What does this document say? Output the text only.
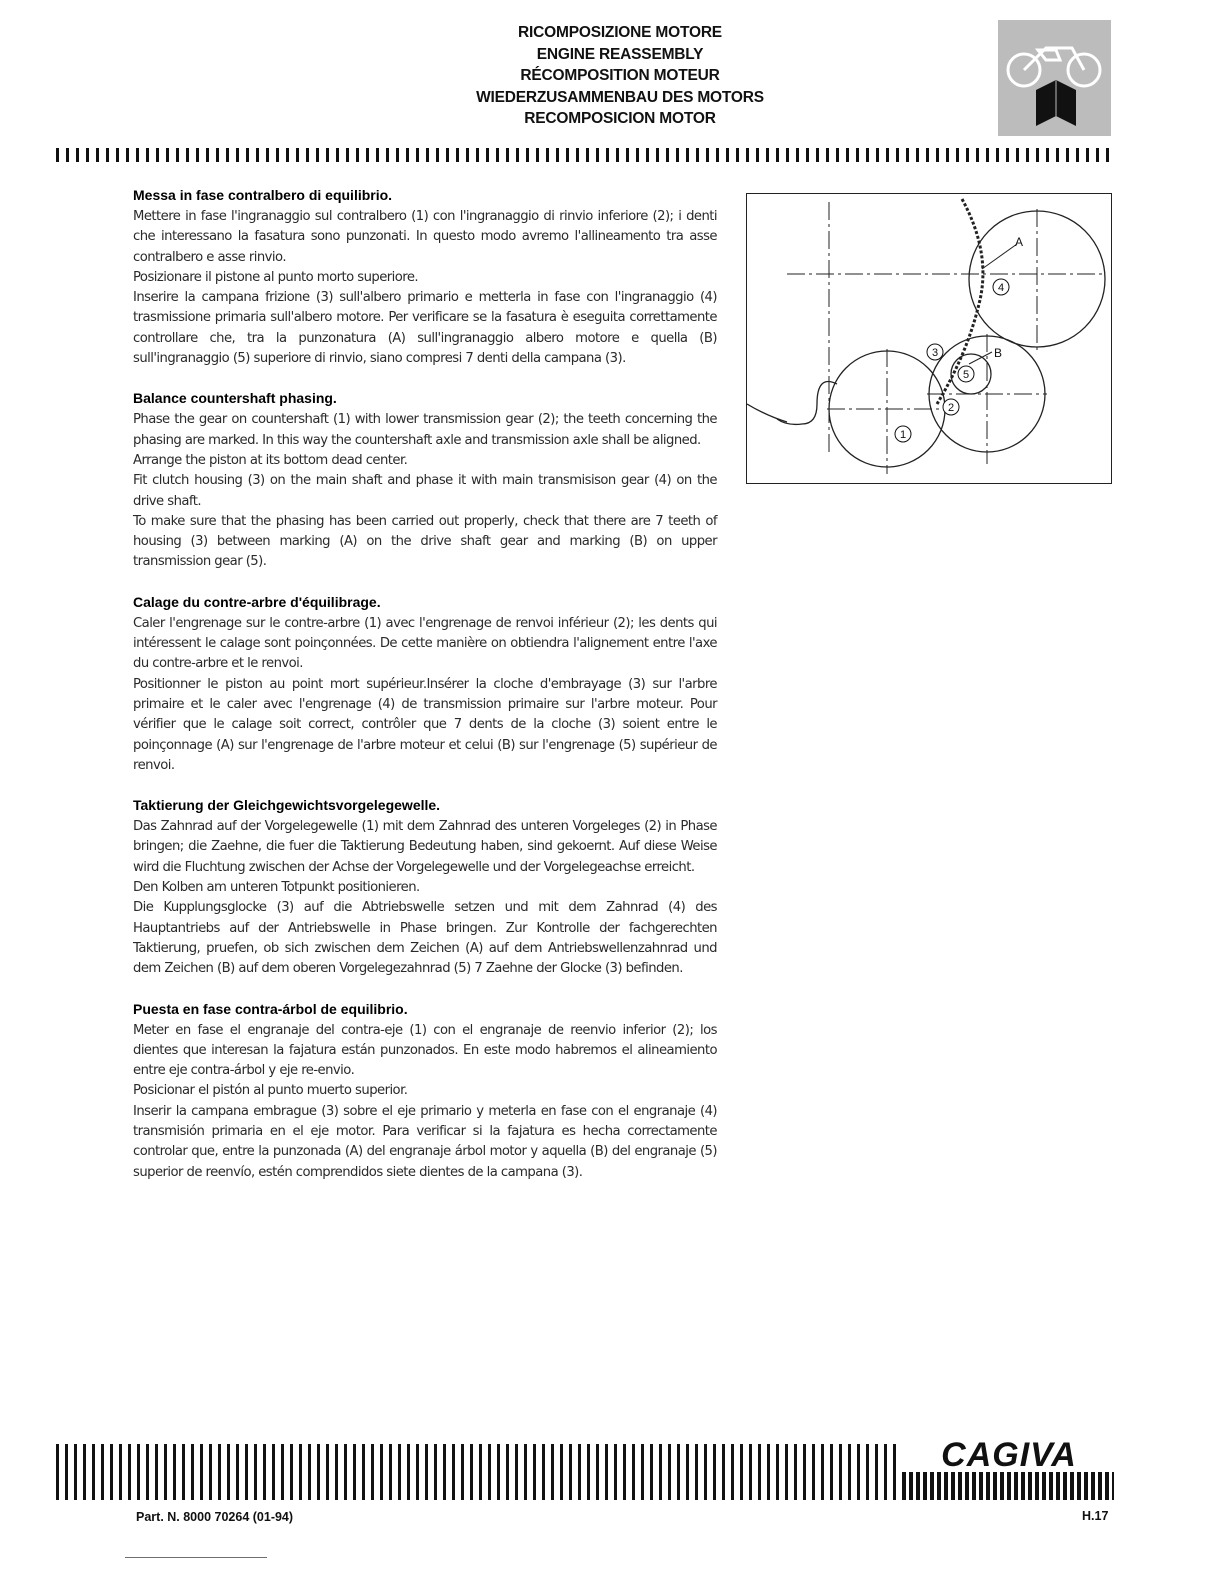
RICOMPOSIZIONE MOTORE
ENGINE REASSEMBLY
RÉCOMPOSITION MOTEUR
WIEDERZUSAMMENBAU DES MOTORS
RECOMPOSICION MOTOR
Messa in fase contralbero di equilibrio.

Mettere in fase l'ingranaggio sul contralbero (1) con l'ingranaggio di rinvio inferiore (2); i denti che interessano la fasatura sono punzonati. In questo modo avremo l'allineamento tra asse contralbero e asse rinvio.

Posizionare il pistone al punto morto superiore.

Inserire la campana frizione (3) sull'albero primario e metterla in fase con l'ingranaggio (4) trasmissione primaria sull'albero motore. Per verificare se la fasatura è eseguita correttamente controllare che, tra la punzonatura (A) sull'ingranaggio albero motore e quella (B) sull'ingranaggio (5) superiore di rinvio, siano compresi 7 denti della campana (3).

Balance countershaft phasing.

Phase the gear on countershaft (1) with lower transmission gear (2); the teeth concerning the phasing are marked. In this way the countershaft axle and transmission axle shall be aligned.

Arrange the piston at its bottom dead center.

Fit clutch housing (3) on the main shaft and phase it with main transmisison gear (4) on the drive shaft.

To make sure that the phasing has been carried out properly, check that there are 7 teeth of housing (3) between marking (A) on the drive shaft gear and marking (B) on upper transmission gear (5).

Calage du contre-arbre d'équilibrage.

Caler l'engrenage sur le contre-arbre (1) avec l'engrenage de renvoi inférieur (2); les dents qui intéressent le calage sont poinçonnées. De cette manière on obtiendra l'alignement entre l'axe du contre-arbre et le renvoi.

Positionner le piston au point mort supérieur.Insérer la cloche d'embrayage (3) sur l'arbre primaire et le caler avec l'engrenage (4) de transmission primaire sur l'arbre moteur. Pour vérifier que le calage soit correct, contrôler que 7 dents de la cloche (3) soient entre le poinçonnage (A) sur l'engrenage de l'arbre moteur et celui (B) sur l'engrenage (5) supérieur de renvoi.

Taktierung der Gleichgewichtsvorgelegewelle.

Das Zahnrad auf der Vorgelegewelle (1) mit dem Zahnrad des unteren Vorgeleges (2) in Phase bringen; die Zaehne, die fuer die Taktierung Bedeutung haben, sind gekoernt. Auf diese Weise wird die Fluchtung zwischen der Achse der Vorgelegewelle und der Vorgelegeachse erreicht.

Den Kolben am unteren Totpunkt positionieren.

Die Kupplungsglocke (3) auf die Abtriebswelle setzen und mit dem Zahnrad (4) des Hauptantriebs auf der Antriebswelle in Phase bringen. Zur Kontrolle der fachgerechten Taktierung, pruefen, ob sich zwischen dem Zeichen (A) auf dem Antriebswellenzahnrad und dem Zeichen (B) auf dem oberen Vorgelegezahnrad (5) 7 Zaehne der Glocke (3) befinden.

Puesta en fase contra-árbol de equilibrio.

Meter en fase el engranaje del contra-eje (1) con el engranaje de reenvio inferior (2); los dientes que interesan la fajatura están punzonados. En este modo habremos el alineamiento entre eje contra-árbol y eje re-envio.

Posicionar el pistón al punto muerto superior.

Inserir la campana embrague (3) sobre el eje primario y meterla en fase con el engranaje (4) transmisión primaria en el eje motor. Para verificar si la fajatura es hecha correctamente controlar que, entre la punzonada (A) del engranaje árbol motor y aquella (B) del engranaje (5) superior de reenvío, estén comprendidos siete dientes de la campana (3).

A
B
1
2
3
4
5
CAGIVA
Part. N. 8000 70264 (01-94)	H.17
